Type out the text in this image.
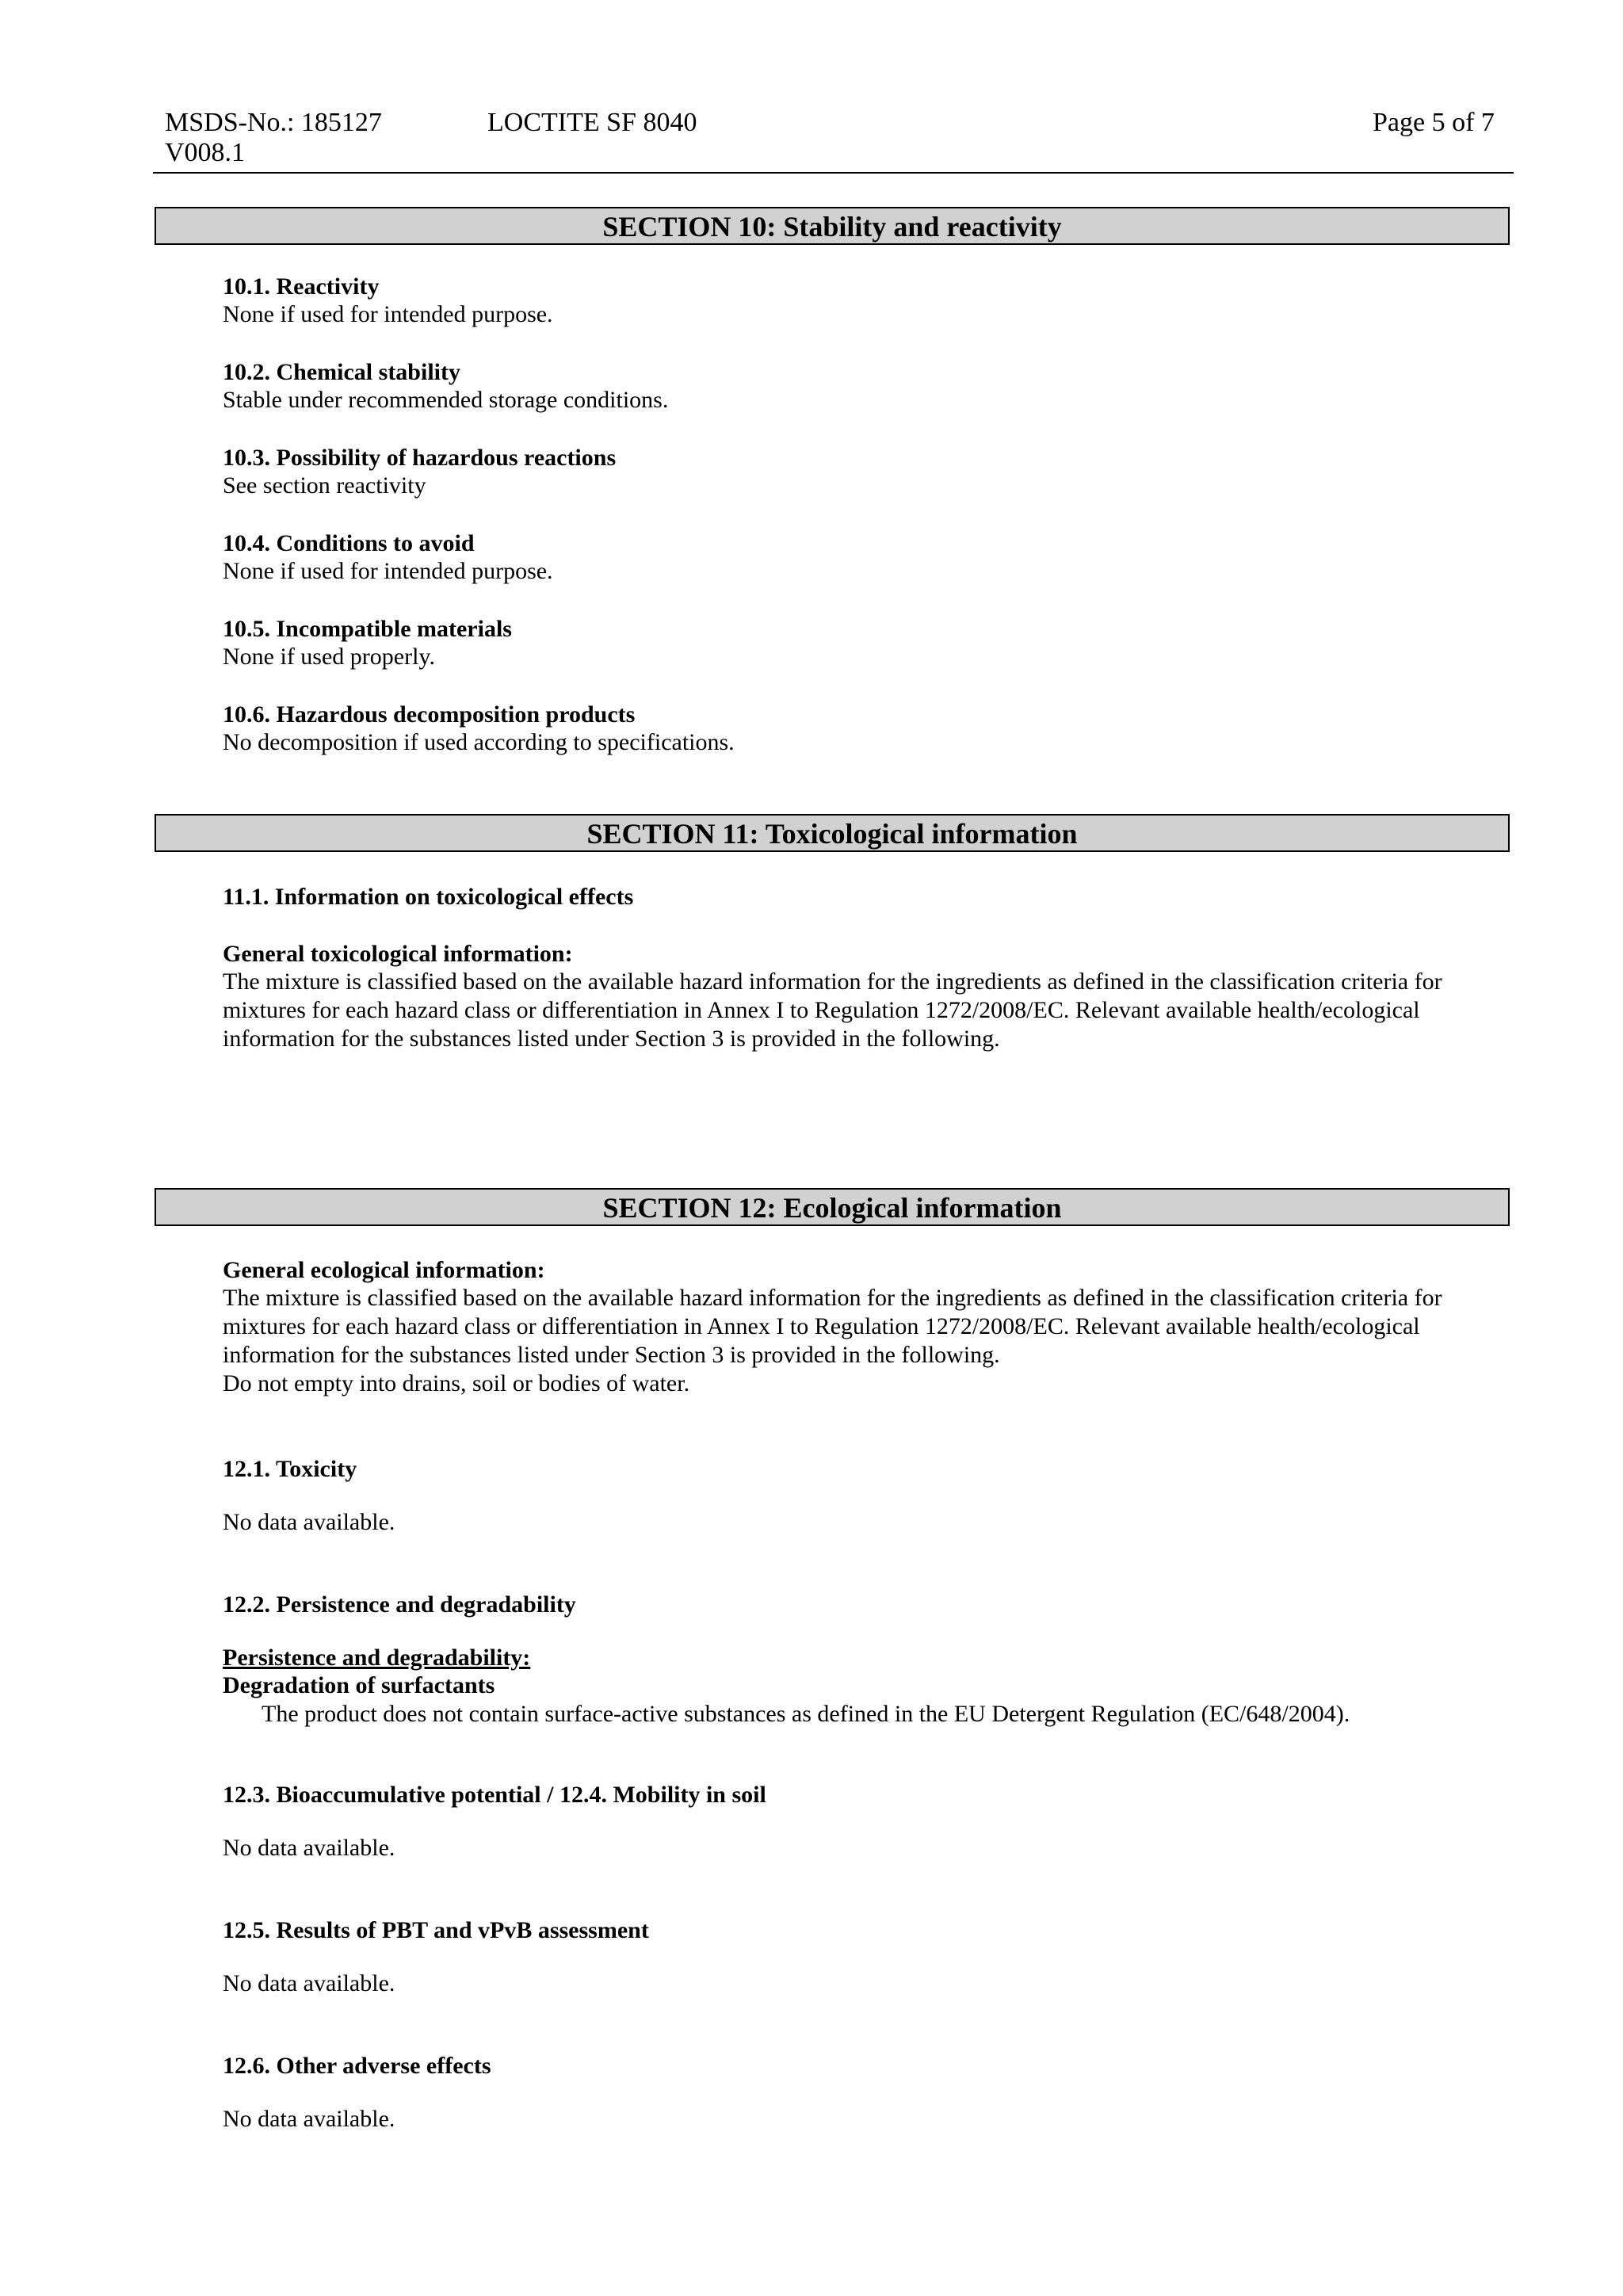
MSDS-No.: 185127
V008.1
LOCTITE SF 8040	Page 5 of 7
SECTION 10: Stability and reactivity
10.1. Reactivity
None if used for intended purpose.
10.2. Chemical stability
Stable under recommended storage conditions.
10.3. Possibility of hazardous reactions
See section reactivity
10.4. Conditions to avoid
None if used for intended purpose.
10.5. Incompatible materials
None if used properly.
10.6. Hazardous decomposition products
No decomposition if used according to specifications.
SECTION 11: Toxicological information
11.1. Information on toxicological effects
General toxicological information:
The mixture is classified based on the available hazard information for the ingredients as defined in the classification criteria for
mixtures for each hazard class or differentiation in Annex I to Regulation 1272/2008/EC. Relevant available health/ecological
information for the substances listed under Section 3 is provided in the following.
SECTION 12: Ecological information
General ecological information:
The mixture is classified based on the available hazard information for the ingredients as defined in the classification criteria for
mixtures for each hazard class or differentiation in Annex I to Regulation 1272/2008/EC. Relevant available health/ecological
information for the substances listed under Section 3 is provided in the following.
Do not empty into drains, soil or bodies of water.
12.1. Toxicity
No data available.
12.2. Persistence and degradability
Persistence and degradability:
Degradation of surfactants
The product does not contain surface-active substances as defined in the EU Detergent Regulation (EC/648/2004).
12.3. Bioaccumulative potential / 12.4. Mobility in soil
No data available.
12.5. Results of PBT and vPvB assessment
No data available.
12.6. Other adverse effects
No data available.
